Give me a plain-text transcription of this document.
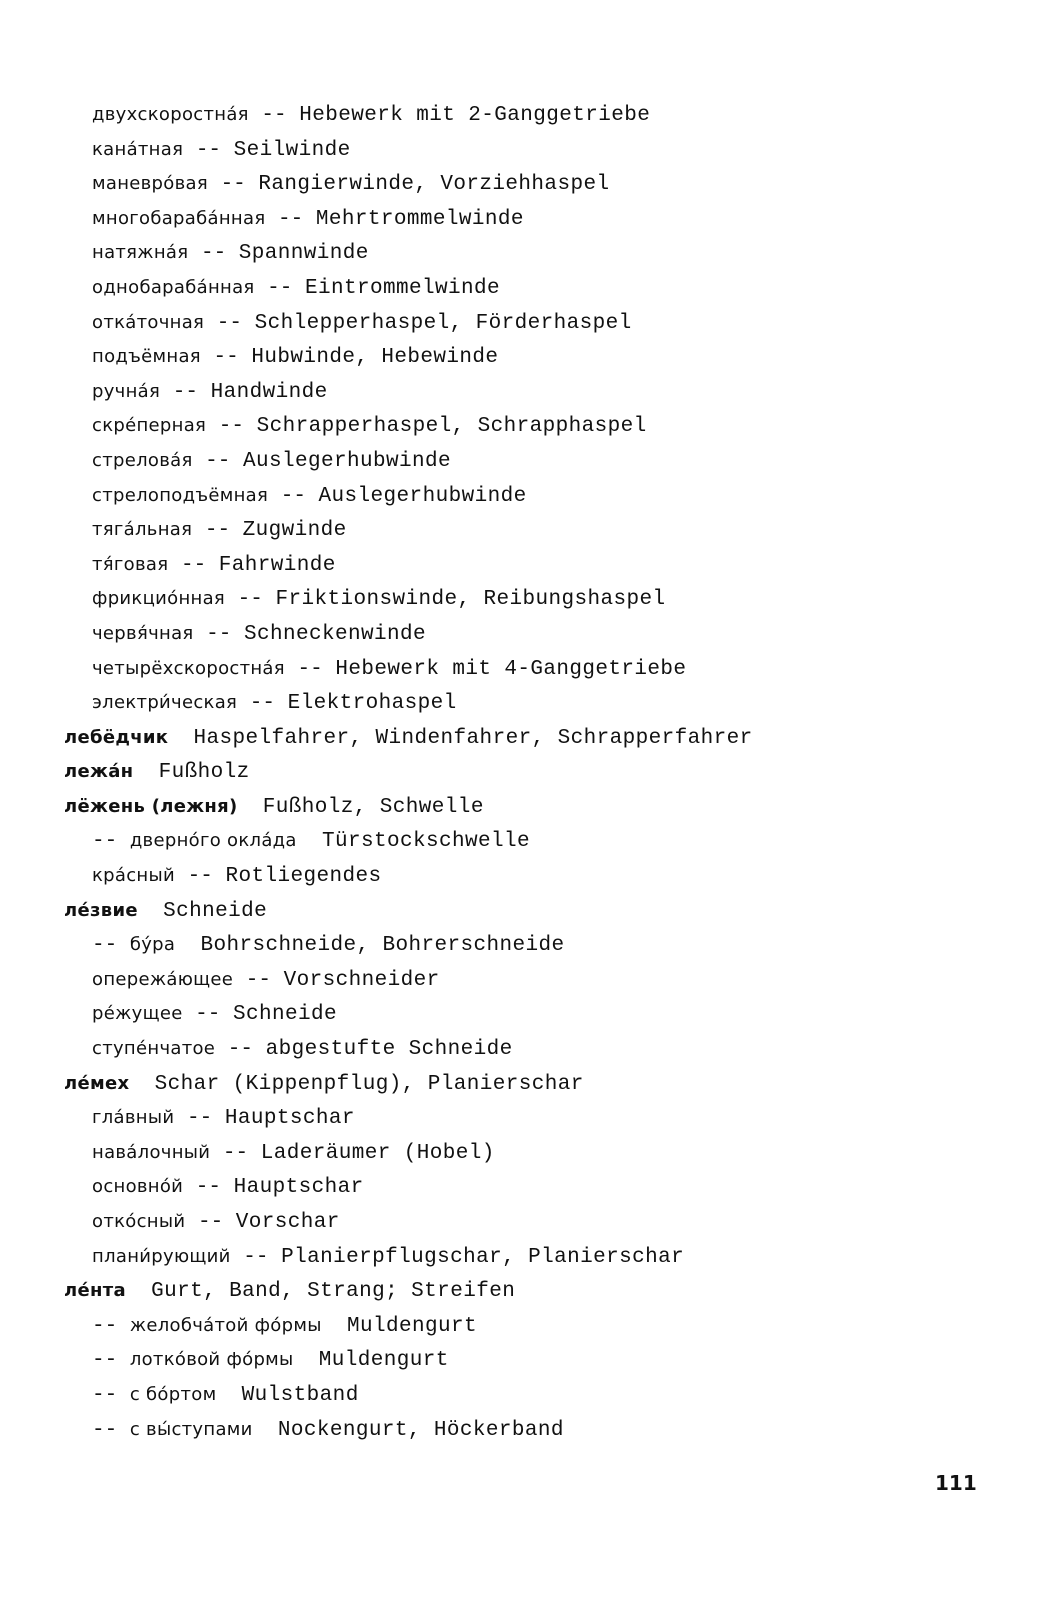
двухскоростна́я -- Hebewerk mit 2-Ganggetriebe
кана́тная -- Seilwinde
маневро́вая -- Rangierwinde, Vorziehhaspel
многобараба́нная -- Mehrtrommelwinde
натяжна́я -- Spannwinde
однобараба́нная -- Eintrommelwinde
отка́точная -- Schlepperhaspel, Förderhaspel
подъёмная -- Hubwinde, Hebewinde
ручна́я -- Handwinde
скре́перная -- Schrapperhaspel, Schrapphaspel
стрелова́я -- Auslegerhubwinde
стрелоподъёмная -- Auslegerhubwinde
тяга́льная -- Zugwinde
тя́говая -- Fahrwinde
фрикцио́нная -- Friktionswinde, Reibungshaspel
червя́чная -- Schneckenwinde
четырёхскоростна́я -- Hebewerk mit 4-Ganggetriebe
электри́ческая -- Elektrohaspel
лебёдчик Haspelfahrer, Windenfahrer, Schrapperfahrer
лежа́н Fußholz
лёжень (лежня) Fußholz, Schwelle
-- дверно́го окла́да Türstockschwelle
кра́сный -- Rotliegendes
ле́звие Schneide
-- бу́ра Bohrschneide, Bohrerschneide
опережа́ющее -- Vorschneider
ре́жущее -- Schneide
ступе́нчатое -- abgestufte Schneide
ле́мех Schar (Kippenpflug), Planierschar
гла́вный -- Hauptschar
нава́лочный -- Laderäumer (Hobel)
основно́й -- Hauptschar
отко́сный -- Vorschar
плани́рующий -- Planierpflugschar, Planierschar
ле́нта Gurt, Band, Strang; Streifen
-- желобча́той фо́рмы Muldengurt
-- лотко́вой фо́рмы Muldengurt
-- с бо́ртом Wulstband
-- с вы́ступами Nockengurt, Höckerband
111
